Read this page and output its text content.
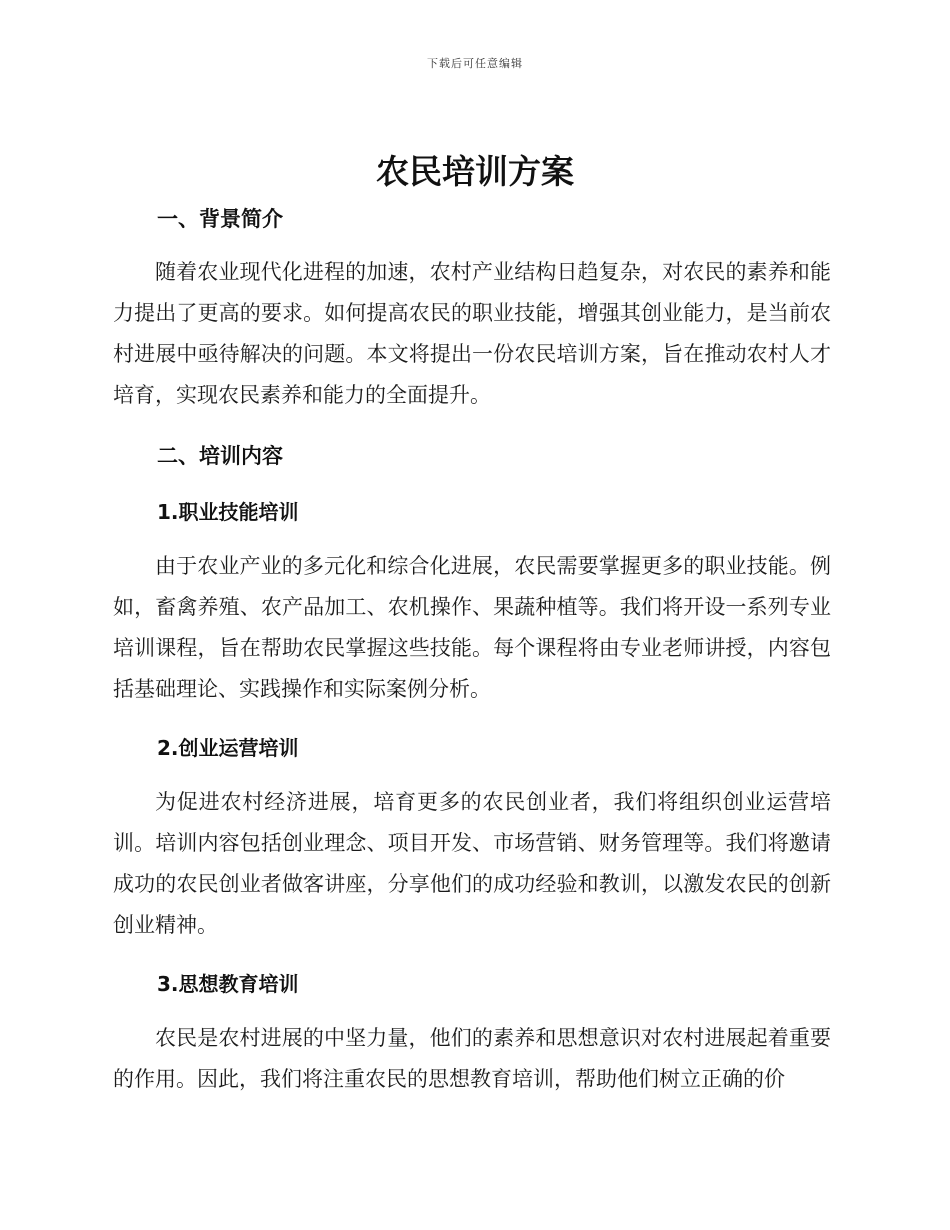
下载后可任意编辑
农民培训方案
一、背景简介

随着农业现代化进程的加速，农村产业结构日趋复杂，对农民的素养和能力提出了更高的要求。如何提高农民的职业技能，增强其创业能力，是当前农村进展中亟待解决的问题。本文将提出一份农民培训方案，旨在推动农村人才培育，实现农民素养和能力的全面提升。

二、培训内容
1.职业技能培训

由于农业产业的多元化和综合化进展，农民需要掌握更多的职业技能。例如，畜禽养殖、农产品加工、农机操作、果蔬种植等。我们将开设一系列专业培训课程，旨在帮助农民掌握这些技能。每个课程将由专业老师讲授，内容包括基础理论、实践操作和实际案例分析。

2.创业运营培训

为促进农村经济进展，培育更多的农民创业者，我们将组织创业运营培训。培训内容包括创业理念、项目开发、市场营销、财务管理等。我们将邀请成功的农民创业者做客讲座，分享他们的成功经验和教训，以激发农民的创新创业精神。

3.思想教育培训

农民是农村进展的中坚力量，他们的素养和思想意识对农村进展起着重要的作用。因此，我们将注重农民的思想教育培训，帮助他们树立正确的价
